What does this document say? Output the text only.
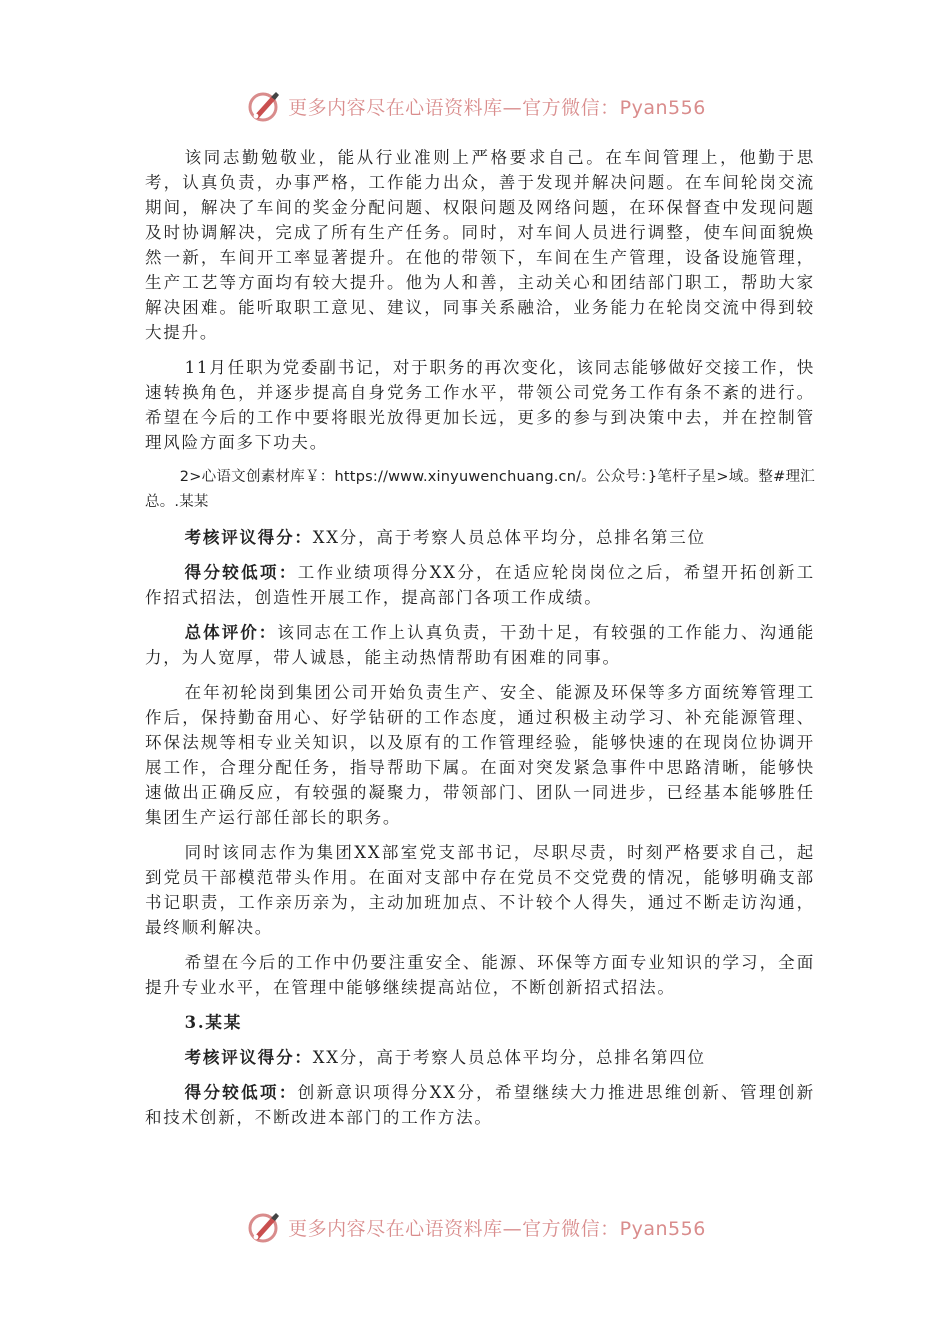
更多内容尽在心语资料库—官方微信：Pyan556

该同志勤勉敬业，能从行业准则上严格要求自己。在车间管理上，他勤于思考，认真负责，办事严格，工作能力出众，善于发现并解决问题。在车间轮岗交流期间，解决了车间的奖金分配问题、权限问题及网络问题，在环保督查中发现问题及时协调解决，完成了所有生产任务。同时，对车间人员进行调整，使车间面貌焕然一新，车间开工率显著提升。在他的带领下，车间在生产管理，设备设施管理，生产工艺等方面均有较大提升。他为人和善，主动关心和团结部门职工，帮助大家解决困难。能听取职工意见、建议，同事关系融洽，业务能力在轮岗交流中得到较大提升。

11月任职为党委副书记，对于职务的再次变化，该同志能够做好交接工作，快速转换角色，并逐步提高自身党务工作水平，带领公司党务工作有条不紊的进行。希望在今后的工作中要将眼光放得更加长远，更多的参与到决策中去，并在控制管理风险方面多下功夫。

2>心语文创素材库￥：https://www.xinyuwenchuang.cn/。公众号：}笔杆子星>域。整#理汇总。.某某

考核评议得分：XX分，高于考察人员总体平均分，总排名第三位

得分较低项：工作业绩项得分XX分，在适应轮岗岗位之后，希望开拓创新工作招式招法，创造性开展工作，提高部门各项工作成绩。

总体评价：该同志在工作上认真负责，干劲十足，有较强的工作能力、沟通能力，为人宽厚，带人诚恳，能主动热情帮助有困难的同事。

在年初轮岗到集团公司开始负责生产、安全、能源及环保等多方面统筹管理工作后，保持勤奋用心、好学钻研的工作态度，通过积极主动学习、补充能源管理、环保法规等相专业关知识，以及原有的工作管理经验，能够快速的在现岗位协调开展工作，合理分配任务，指导帮助下属。在面对突发紧急事件中思路清晰，能够快速做出正确反应，有较强的凝聚力，带领部门、团队一同进步，已经基本能够胜任集团生产运行部任部长的职务。

同时该同志作为集团XX部室党支部书记，尽职尽责，时刻严格要求自己，起到党员干部模范带头作用。在面对支部中存在党员不交党费的情况，能够明确支部书记职责，工作亲历亲为，主动加班加点、不计较个人得失，通过不断走访沟通，最终顺利解决。

希望在今后的工作中仍要注重安全、能源、环保等方面专业知识的学习，全面提升专业水平，在管理中能够继续提高站位，不断创新招式招法。

3.某某

考核评议得分：XX分，高于考察人员总体平均分，总排名第四位

得分较低项：创新意识项得分XX分，希望继续大力推进思维创新、管理创新和技术创新，不断改进本部门的工作方法。

更多内容尽在心语资料库—官方微信：Pyan556
